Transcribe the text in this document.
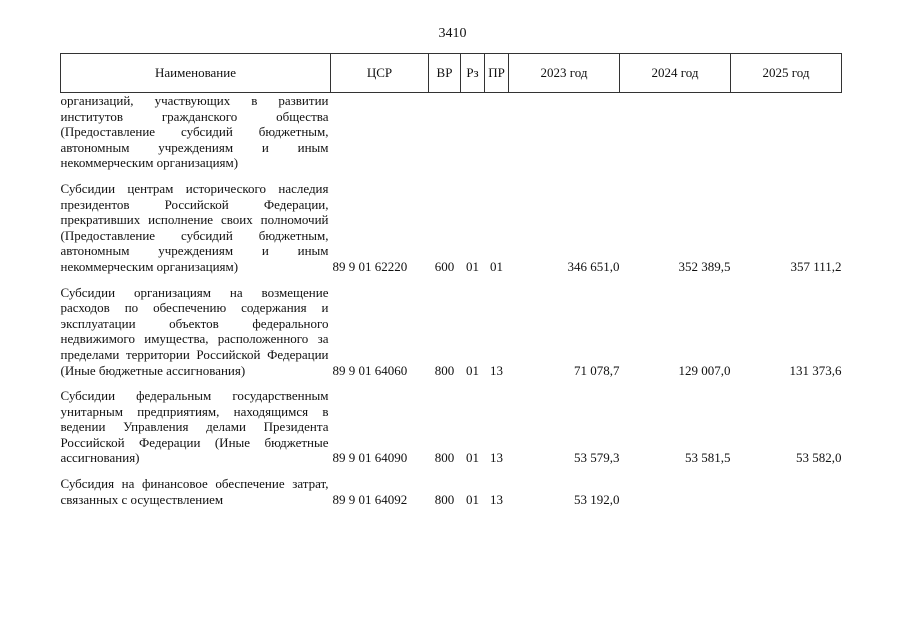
3410
Наименование	ЦСР	ВР	Рз	ПР	2023 год	2024 год	2025 год
организаций, участвующих в развитии институтов гражданского общества (Предоставление субсидий бюджетным, автономным учреждениям и иным некоммерческим организациям)							

Субсидии центрам исторического наследия президентов Российской Федерации, прекративших исполнение своих полномочий (Предоставление субсидий бюджетным, автономным учреждениям и иным некоммерческим организациям)	89 9 01 62220	600	01	01	346 651,0	352 389,5	357 111,2

Субсидии организациям на возмещение расходов по обеспечению содержания и эксплуатации объектов федерального недвижимого имущества, расположенного за пределами территории Российской Федерации (Иные бюджетные ассигнования)	89 9 01 64060	800	01	13	71 078,7	129 007,0	131 373,6

Субсидии федеральным государственным унитарным предприятиям, находящимся в ведении Управления делами Президента Российской Федерации (Иные бюджетные ассигнования)	89 9 01 64090	800	01	13	53 579,3	53 581,5	53 582,0

Субсидия на финансовое обеспечение затрат, связанных с осуществлением	89 9 01 64092	800	01	13	53 192,0		
